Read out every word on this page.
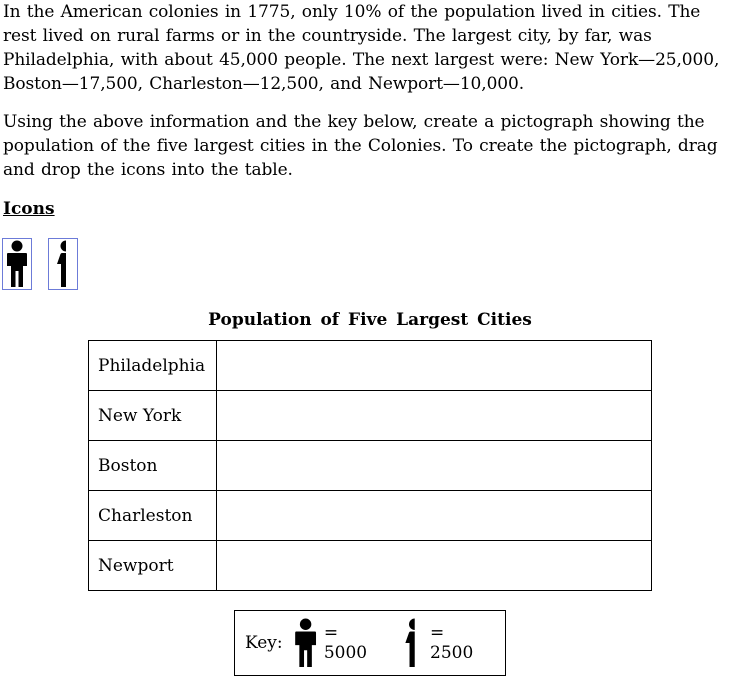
In the American colonies in 1775, only 10% of the population lived in cities. The rest lived on rural farms or in the countryside. The largest city, by far, was Philadelphia, with about 45,000 people. The next largest were: New York—25,000, Boston—17,500, Charleston—12,500, and Newport—10,000.

Using the above information and the key below, create a pictograph showing the population of the five largest cities in the Colonies. To create the pictograph, drag and drop the icons into the table.

Icons

Population of Five Largest Cities

Philadelphia	
New York	
Boston	
Charleston	
Newport	
Key: = 5000
= 2500
